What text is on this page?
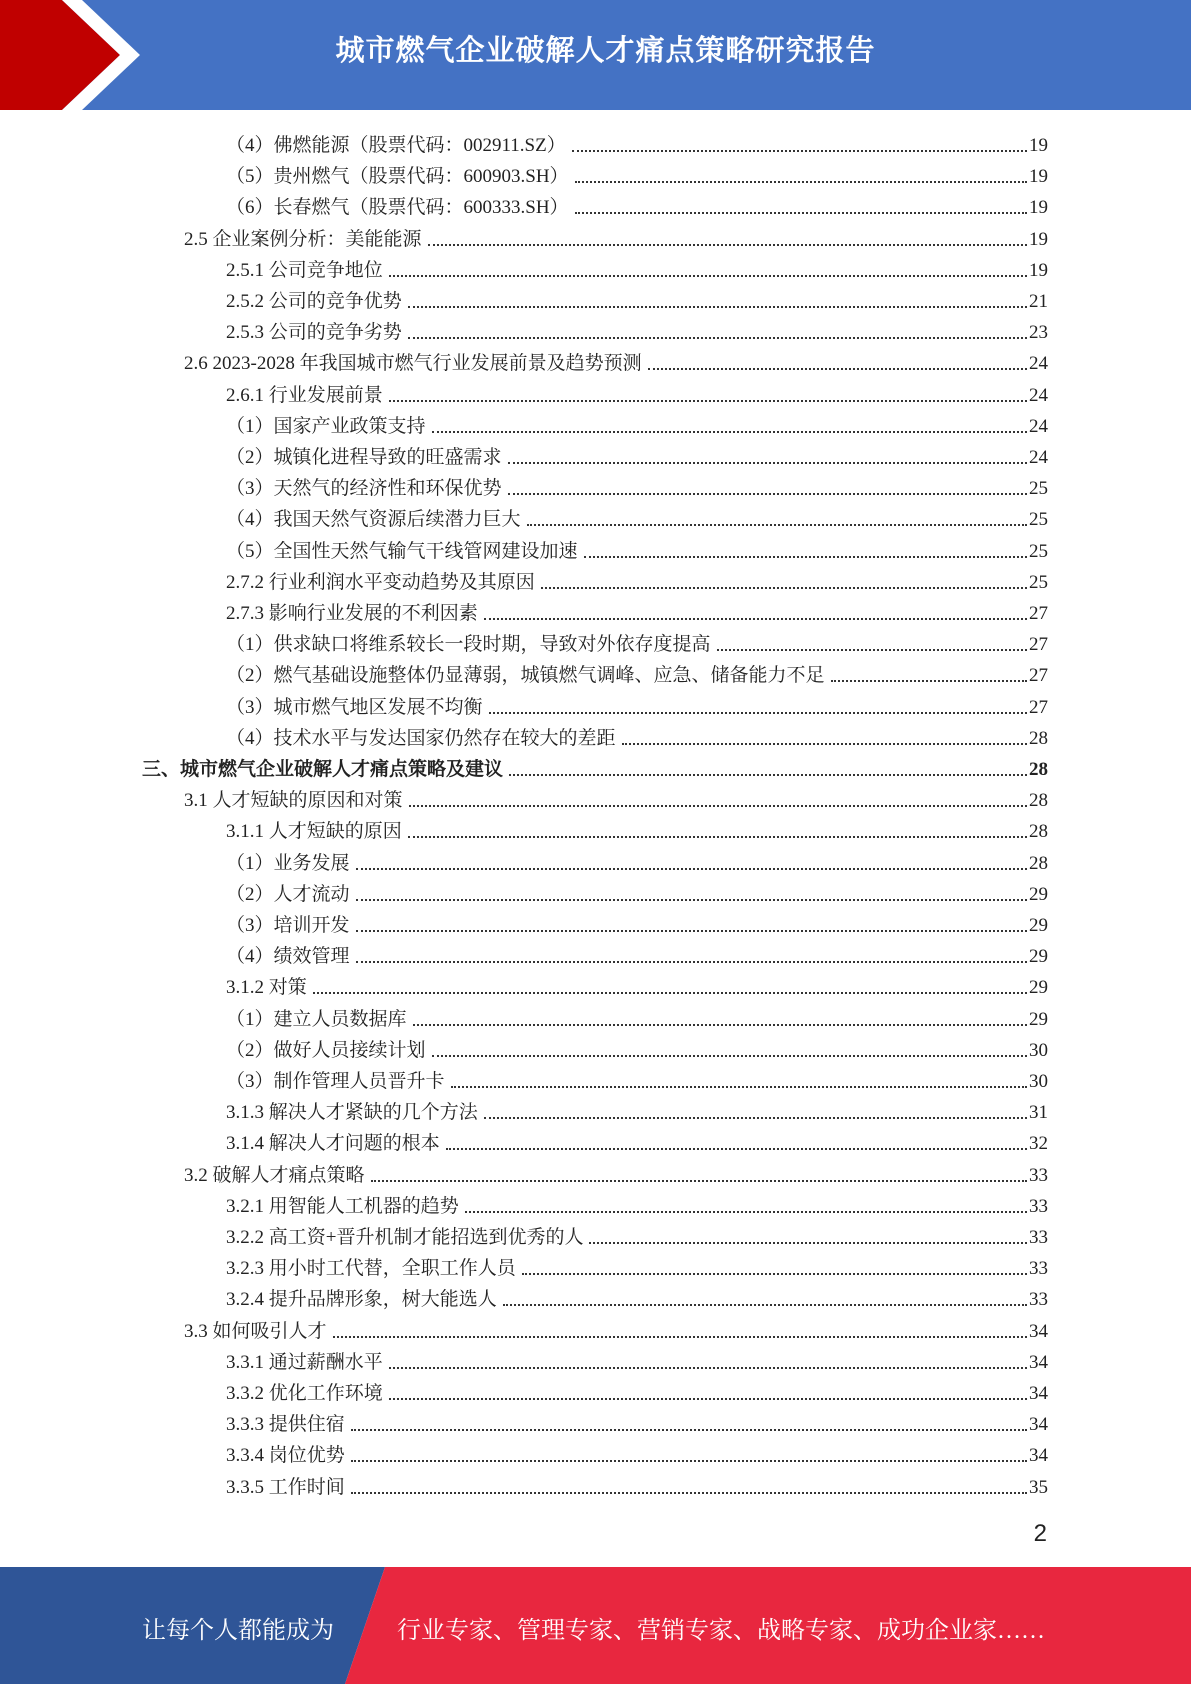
城市燃气企业破解人才痛点策略研究报告
（4）佛燃能源（股票代码：002911.SZ）	19
（5）贵州燃气（股票代码：600903.SH）	19
（6）长春燃气（股票代码：600333.SH）	19
2.5 企业案例分析：美能能源	19
2.5.1 公司竞争地位	19
2.5.2 公司的竞争优势	21
2.5.3 公司的竞争劣势	23
2.6 2023-2028 年我国城市燃气行业发展前景及趋势预测	24
2.6.1 行业发展前景	24
（1）国家产业政策支持	24
（2）城镇化进程导致的旺盛需求	24
（3）天然气的经济性和环保优势	25
（4）我国天然气资源后续潜力巨大	25
（5）全国性天然气输气干线管网建设加速	25
2.7.2 行业利润水平变动趋势及其原因	25
2.7.3 影响行业发展的不利因素	27
（1）供求缺口将维系较长一段时期，导致对外依存度提高	27
（2）燃气基础设施整体仍显薄弱，城镇燃气调峰、应急、储备能力不足	27
（3）城市燃气地区发展不均衡	27
（4）技术水平与发达国家仍然存在较大的差距	28
三、城市燃气企业破解人才痛点策略及建议	28
3.1 人才短缺的原因和对策	28
3.1.1 人才短缺的原因	28
（1）业务发展	28
（2）人才流动	29
（3）培训开发	29
（4）绩效管理	29
3.1.2 对策	29
（1）建立人员数据库	29
（2）做好人员接续计划	30
（3）制作管理人员晋升卡	30
3.1.3 解决人才紧缺的几个方法	31
3.1.4 解决人才问题的根本	32
3.2 破解人才痛点策略	33
3.2.1 用智能人工机器的趋势	33
3.2.2 高工资+晋升机制才能招选到优秀的人	33
3.2.3 用小时工代替，全职工作人员	33
3.2.4 提升品牌形象，树大能选人	33
3.3 如何吸引人才	34
3.3.1 通过薪酬水平	34
3.3.2 优化工作环境	34
3.3.3 提供住宿	34
3.3.4 岗位优势	34
3.3.5 工作时间	35
2
让每个人都能成为	行业专家、管理专家、营销专家、战略专家、成功企业家……
